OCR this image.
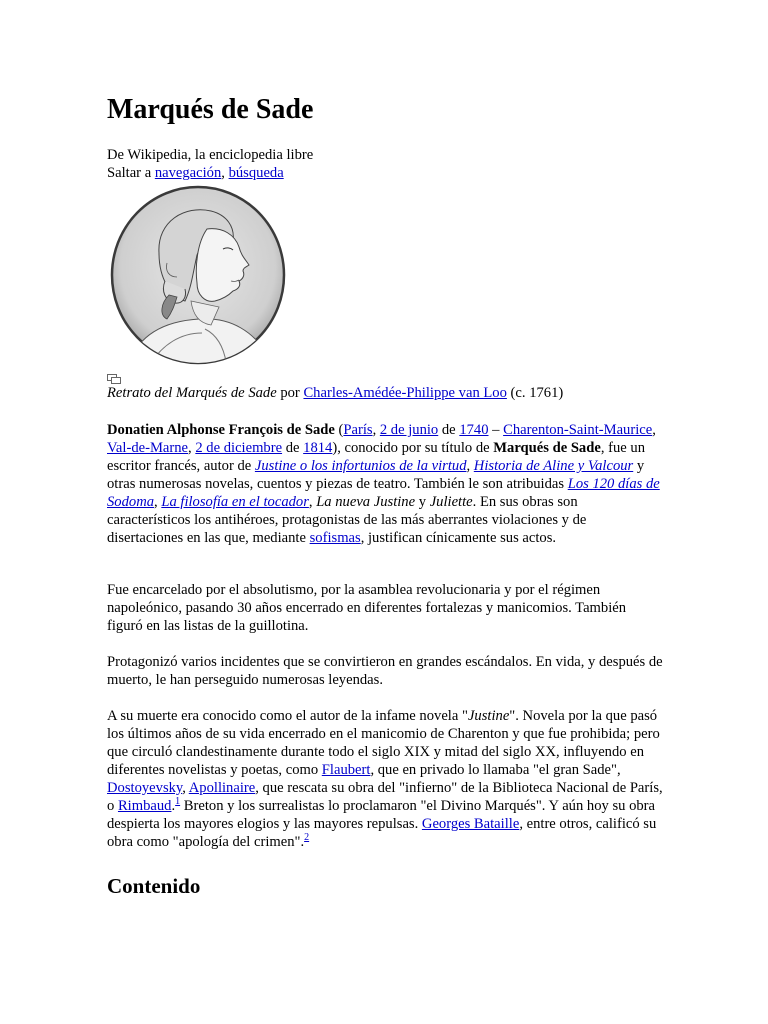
Marqués de Sade
De Wikipedia, la enciclopedia libre
Saltar a navegación, búsqueda
Retrato del Marqués de Sade por Charles-Amédée-Philippe van Loo (c. 1761)

Donatien Alphonse François de Sade (París, 2 de junio de 1740 – Charenton-Saint-Maurice, Val-de-Marne, 2 de diciembre de 1814), conocido por su título de Marqués de Sade, fue un escritor francés, autor de Justine o los infortunios de la virtud, Historia de Aline y Valcour y otras numerosas novelas, cuentos y piezas de teatro. También le son atribuidas Los 120 días de Sodoma, La filosofía en el tocador, La nueva Justine y Juliette. En sus obras son característicos los antihéroes, protagonistas de las más aberrantes violaciones y de disertaciones en las que, mediante sofismas, justifican cínicamente sus actos.

Fue encarcelado por el absolutismo, por la asamblea revolucionaria y por el régimen napoleónico, pasando 30 años encerrado en diferentes fortalezas y manicomios. También figuró en las listas de la guillotina.

Protagonizó varios incidentes que se convirtieron en grandes escándalos. En vida, y después de muerto, le han perseguido numerosas leyendas.

A su muerte era conocido como el autor de la infame novela "Justine". Novela por la que pasó los últimos años de su vida encerrado en el manicomio de Charenton y que fue prohibida; pero que circuló clandestinamente durante todo el siglo XIX y mitad del siglo XX, influyendo en diferentes novelistas y poetas, como Flaubert, que en privado lo llamaba "el gran Sade", Dostoyevsky, Apollinaire, que rescata su obra del "infierno" de la Biblioteca Nacional de París, o Rimbaud.$^1$ Breton y los surrealistas lo proclamaron "el Divino Marqués". Y aún hoy su obra despierta los mayores elogios y las mayores repulsas. Georges Bataille, entre otros, calificó su obra como "apología del crimen".$^2$

Contenido
